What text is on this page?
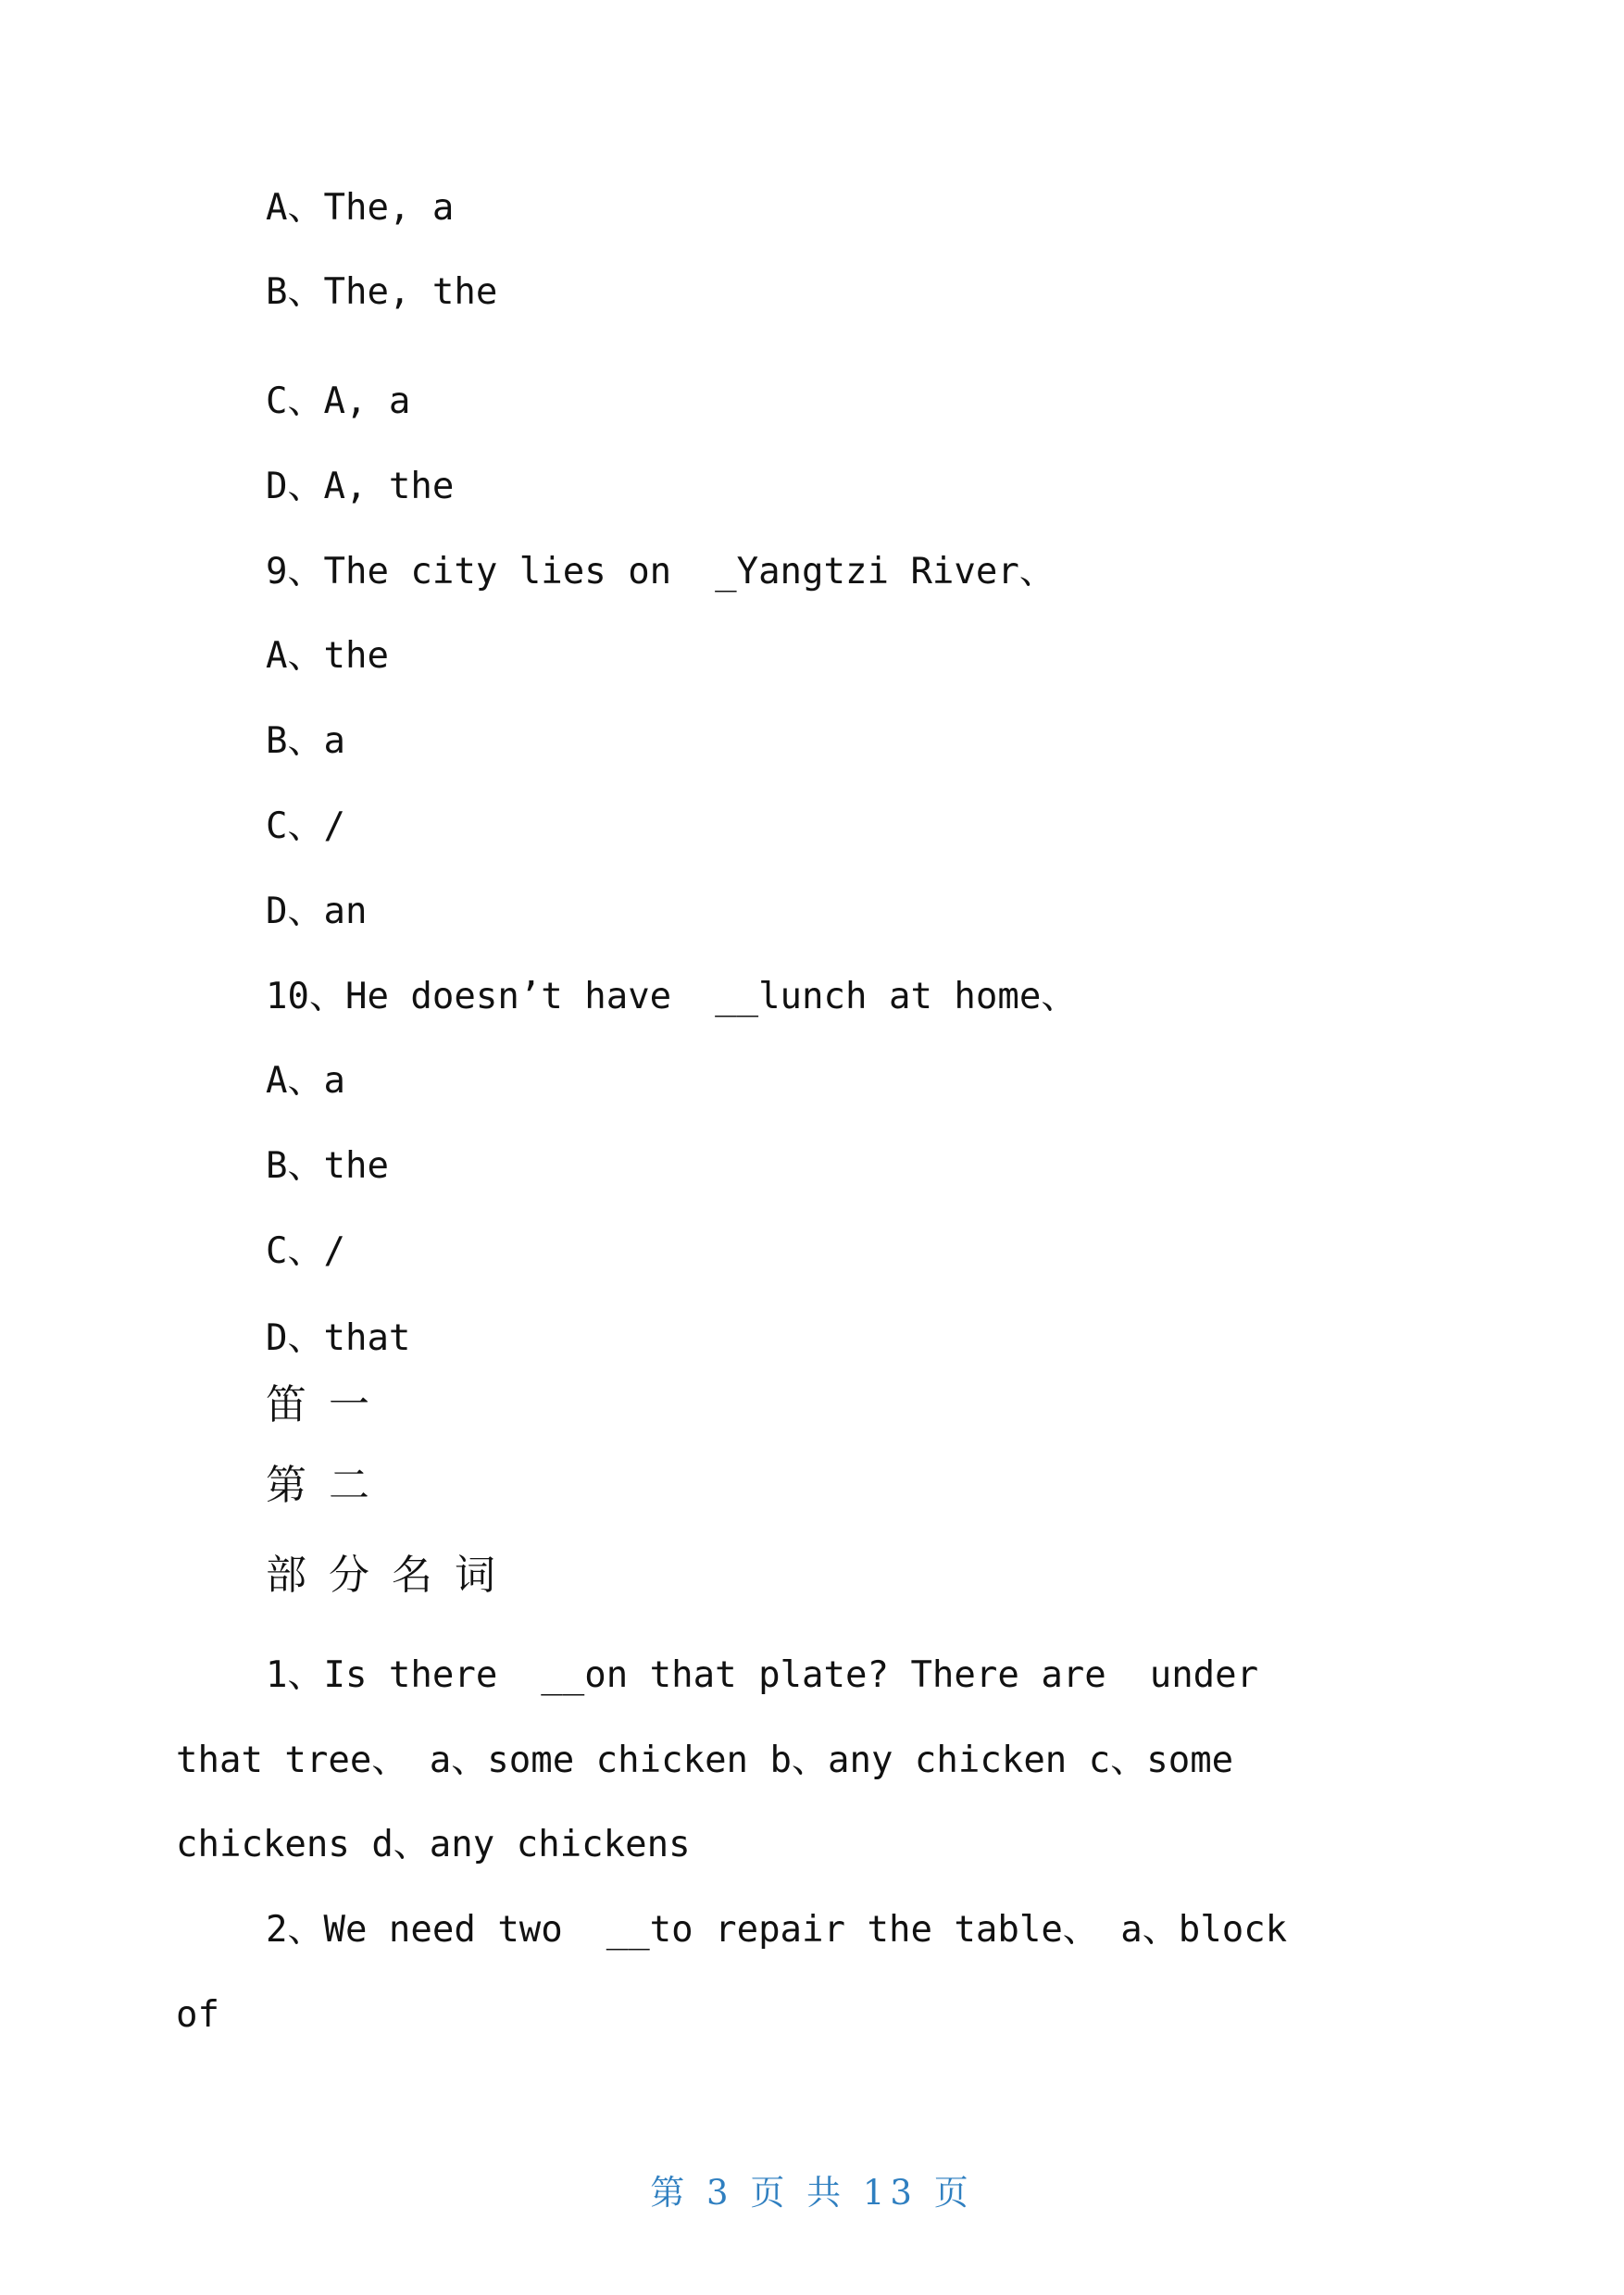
A、The, a
B、The, the
C、A, a
D、A, the
9、The city lies on  _Yangtzi River、
A、the
B、a
C、/
D、an
10、He doesn’t have  __lunch at home、
A、a
B、the
C、/
D、that
笛一
第二
部分名词
1、Is there  __on that plate? There are  under
that tree、 a、some chicken b、any chicken c、some
chickens d、any chickens
2、We need two  __to repair the table、 a、block
of
第 3 页 共 13 页
